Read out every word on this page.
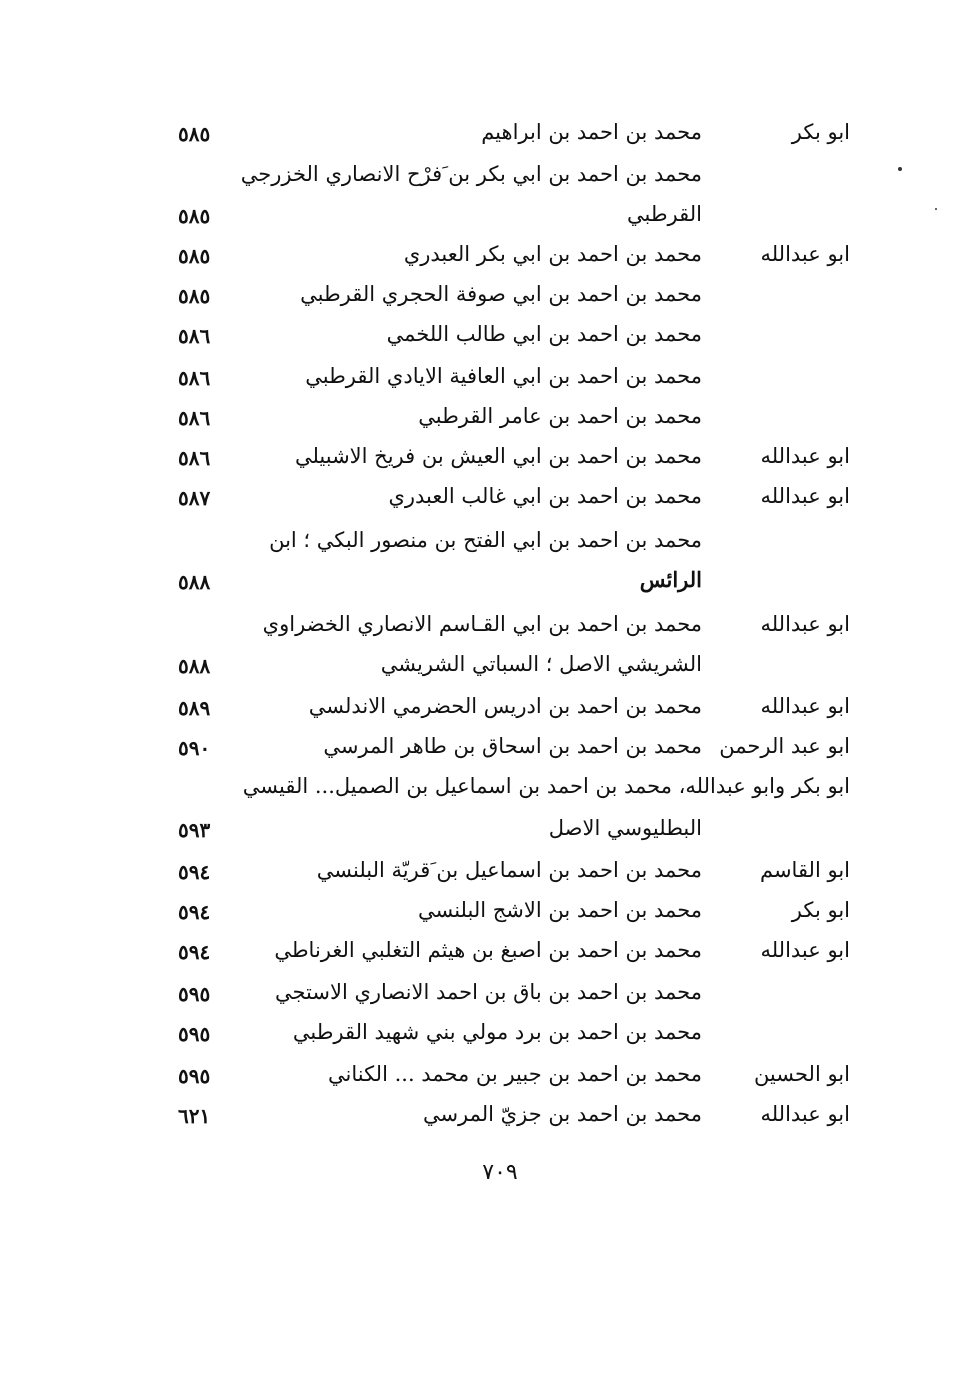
ابو بكر
محمد بن احمد بن ابراهيم
٥٨٥
محمد بن احمد بن ابي بكر بن َفرْح الانصاري الخزرجي
القرطبي
٥٨٥
ابو عبدالله
محمد بن احمد بن ابي بكر العبدري
٥٨٥
محمد بن احمد بن ابي صوفة الحجري القرطبي
٥٨٥
محمد بن احمد بن ابي طالب اللخمي
٥٨٦
محمد بن احمد بن ابي العافية الايادي القرطبي
٥٨٦
محمد بن احمد بن عامر القرطبي
٥٨٦
ابو عبدالله
محمد بن احمد بن ابي العيش بن فريخ الاشبيلي
٥٨٦
ابو عبدالله
محمد بن احمد بن ابي غالب العبدري
٥٨٧
محمد بن احمد بن ابي الفتح بن منصور البكي ؛ ابن
الرائس
٥٨٨
ابو عبدالله
محمد بن احمد بن ابي القـاسم الانصاري الخضراوي
الشريشي الاصل ؛ السباتي الشريشي
٥٨٨
ابو عبدالله
محمد بن احمد بن ادريس الحضرمي الاندلسي
٥٨٩
ابو عبد الرحمن
محمد بن احمد بن اسحاق بن طاهر المرسي
٥٩٠
ابو بكر وابو عبدالله، محمد بن احمد بن اسماعيل بن الصميل... القيسي
البطليوسي الاصل
٥٩٣
ابو القاسم
محمد بن احمد بن اسماعيل بن َقريّة البلنسي
٥٩٤
ابو بكر
محمد بن احمد بن الاشج البلنسي
٥٩٤
ابو عبدالله
محمد بن احمد بن اصبغ بن هيثم التغلبي الغرناطي
٥٩٤
محمد بن احمد بن باق بن احمد الانصاري الاستجي
٥٩٥
محمد بن احمد بن برد مولي بني شهيد القرطبي
٥٩٥
ابو الحسين
محمد بن احمد بن جبير بن محمد ... الكناني
٥٩٥
ابو عبدالله
محمد بن احمد بن جزيّ المرسي
٦٢١
٧٠٩
